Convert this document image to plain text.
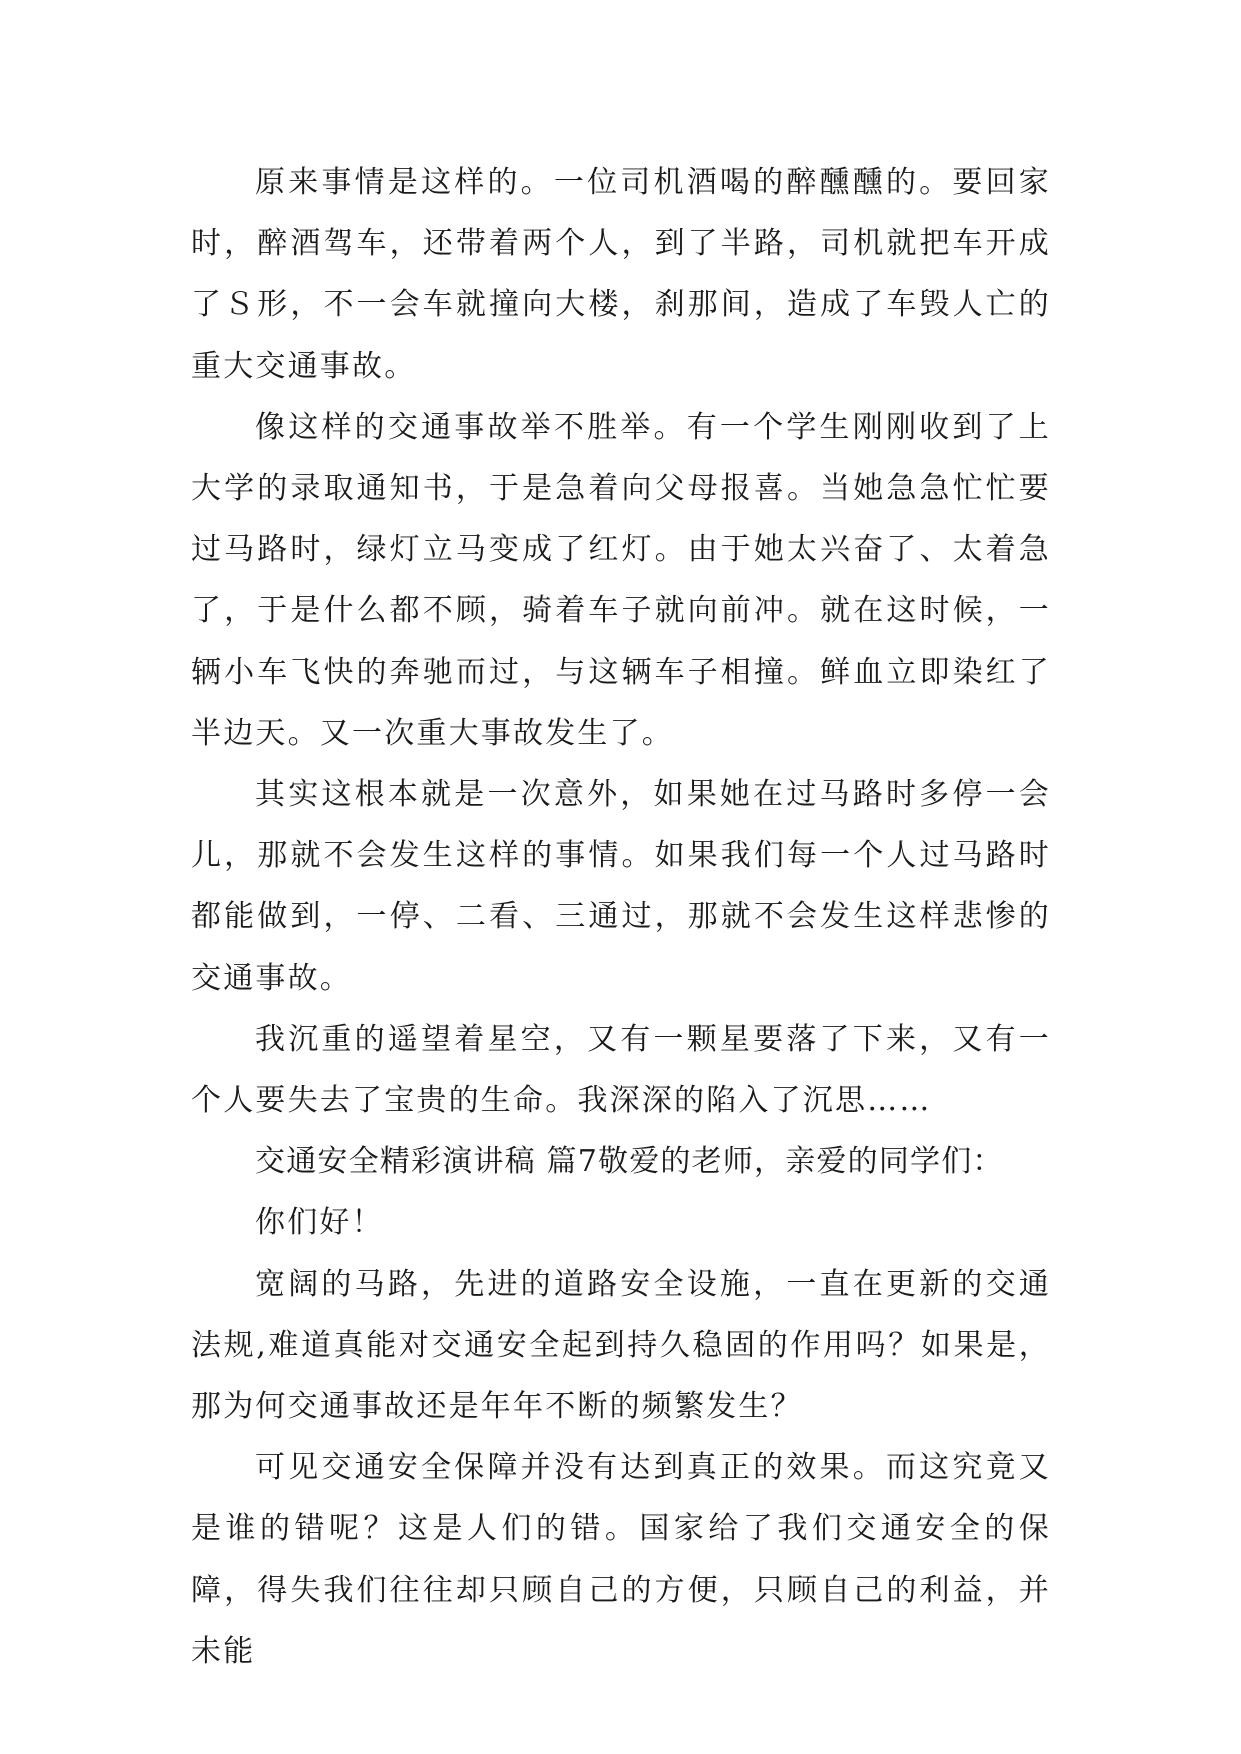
原来事情是这样的。一位司机酒喝的醉醺醺的。要回家时，醉酒驾车，还带着两个人，到了半路，司机就把车开成了Ｓ形，不一会车就撞向大楼，刹那间，造成了车毁人亡的重大交通事故。

像这样的交通事故举不胜举。有一个学生刚刚收到了上大学的录取通知书，于是急着向父母报喜。当她急急忙忙要过马路时，绿灯立马变成了红灯。由于她太兴奋了、太着急了，于是什么都不顾，骑着车子就向前冲。就在这时候，一辆小车飞快的奔驰而过，与这辆车子相撞。鲜血立即染红了半边天。又一次重大事故发生了。

其实这根本就是一次意外，如果她在过马路时多停一会儿，那就不会发生这样的事情。如果我们每一个人过马路时都能做到，一停、二看、三通过，那就不会发生这样悲惨的交通事故。

我沉重的遥望着星空，又有一颗星要落了下来，又有一个人要失去了宝贵的生命。我深深的陷入了沉思……

交通安全精彩演讲稿 篇7敬爱的老师，亲爱的同学们：

你们好！

宽阔的马路，先进的道路安全设施，一直在更新的交通法规,难道真能对交通安全起到持久稳固的作用吗？如果是，那为何交通事故还是年年不断的频繁发生？

可见交通安全保障并没有达到真正的效果。而这究竟又是谁的错呢？这是人们的错。国家给了我们交通安全的保障，得失我们往往却只顾自己的方便，只顾自己的利益，并未能
